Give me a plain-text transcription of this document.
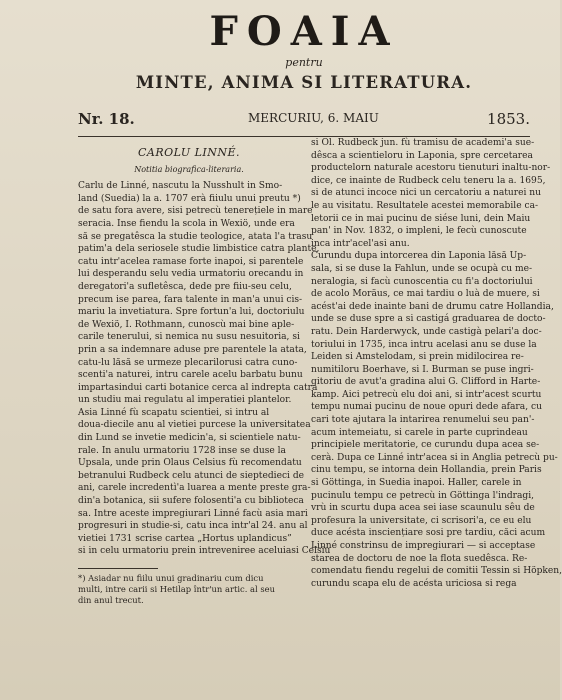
FOAIA
pentru
MINTE, ANIMA SI LITERATURA.
Nr. 18.	MERCURIU, 6. MAIU	1853.
CAROLU LINNÉ.
Notitia biografica-literaria.

Carlu de Linné, nascutu la Nusshult in Smo-

land (Suedia) la a. 1707 erà fiiulu unui preutu *)

de satu fora avere, sisi petrecù tenerețiele in mare

seracia. Inse fiendu la scola in Wexiö, unde era

să se pregatêsca la studie teologice, atata l'a trasu

patim'a dela seriosele studie limbistice catra plante,

catu intr'acelea ramase forte inapoi, si parentele

lui desperandu selu vedia urmatoriu orecandu in

deregatori'a sufletêsca, dede pre fiiu-seu celu,

precum ise parea, fara talente in man'a unui cis-

mariu la invetiatura. Spre fortun'a lui, doctoriulu

de Wexiö, I. Rothmann, cunoscù mai bine aple-

carile tenerului, si nemica nu susu nesuitoria, si

prin a sa indemnare aduse pre parentele la atata,

catu-lu lăsă se urmeze plecarilorusi catra cuno-

scenti'a naturei, intru carele acelu barbatu bunu

impartasindui carti botanice cerca al indrepta catra

un studiu mai regulatu al imperatiei plantelor.

Asia Linné fù scapatu scientiei, si intru al

doua-diecile anu al vietiei purcese la universitatea

din Lund se invetie medicin'a, si scientiele natu-

rale. In anulu urmatoriu 1728 inse se duse la

Upsala, unde prin Olaus Celsius fù recomendatu

betranului Rudbeck celu atunci de sieptedieci de

ani, carele incredentì'a luarea a mente preste gra-

din'a botanica, sii sufere folosenti'a cu biblioteca

sa. Intre aceste impregiurari Linné facù asia mari

progresuri in studie-si, catu inca intr'al 24. anu al

vietiei 1731 scrise cartea „Hortus uplandicus”

si in celu urmatoriu prein intreveniree aceluiasi Celsiu

*) Asiadar nu fiilu unui gradinariu cum dicu

multi, intre carii si Hetilap într'un artic. al seu

din anul trecut.

si Ol. Rudbeck jun. fù tramisu de academi'a sue-

dêsca a scientieloru in Laponia, spre cercetarea

productelorn naturale acestoru tienuturi inaltu-nor-

dice, ce inainte de Rudbeck celu teneru la a. 1695,

si de atunci incoce nici un cercatoriu a naturei nu

le au visitatu. Resultatele acestei memorabile ca-

letorii ce in mai pucinu de siése luni, dein Maiu

pan' in Nov. 1832, o impleni, le fecù cunoscute

inca intr'acel'asi anu.

Curundu dupa intorcerea din Laponia lăsă Up-

sala, si se duse la Fahlun, unde se ocupà cu me-

neralogia, si facù cunoscentia cu fi'a doctoriului

de acolo Moräus, ce mai tardiu o luà de muere, si

acést'ai dede inainte bani de drumu catre Hollandia,

unde se duse spre a si castigá graduarea de docto-

ratu. Dein Harderwyck, unde castigà pelari'a doc-

toriului in 1735, inca intru acelasi anu se duse la

Leiden si Amstelodam, si prein midilocirea re-

numitiloru Boerhave, si I. Burman se puse ingri-

gitoriu de avut'a gradina alui G. Clifford in Harte-

kamp. Aici petrecù elu doi ani, si intr'acest scurtu

tempu numai pucinu de noue opuri dede afara, cu

cari tote ajutara la intarirea renumelui seu pan'-

acum intemeiatu, si carele in parte cuprindeau

principiele meritatorie, ce curundu dupa acea se-

cerà. Dupa ce Linné intr'acea si in Anglia petrecù pu-

cinu tempu, se intorna dein Hollandia, prein Paris

si Göttinga, in Suedia inapoi. Haller, carele in

pucinulu tempu ce petrecù in Göttinga l'indragi,

vrù in scurtu dupa acea sei iase scaunulu sêu de

profesura la universitate, ci scrisori'a, ce eu elu

duce acésta insciențiare sosi pre tardiu, căci acum

Linné constrinsu de impregiurari — si acceptase

starea de doctoru de noe la flota suedêsca. Re-

comendatu fiendu regelui de comitii Tessin si Höpken,

curundu scapa elu de acésta uriciosa si rega
